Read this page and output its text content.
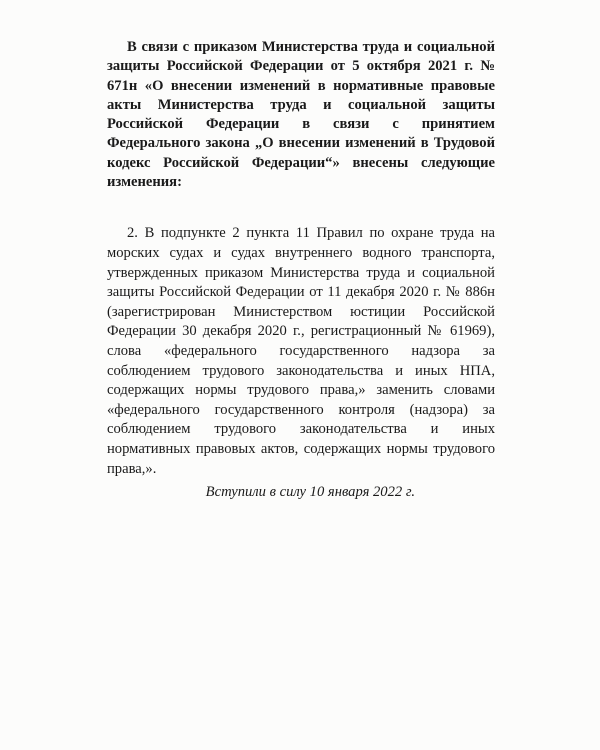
В связи с приказом Министерства труда и социальной защиты Российской Федерации от 5 октября 2021 г. № 671н «О внесении изменений в нормативные правовые акты Министерства труда и социальной защиты Российской Федерации в связи с принятием Федерального закона „О внесении изменений в Трудовой кодекс Российской Федерации“» внесены следующие изменения:

2. В подпункте 2 пункта 11 Правил по охране труда на морских судах и судах внутреннего водного транспорта, утвержденных приказом Министерства труда и социальной защиты Российской Федерации от 11 декабря 2020 г. № 886н (зарегистрирован Министерством юстиции Российской Федерации 30 декабря 2020 г., регистрационный № 61969), слова «федерального государственного надзора за соблюдением трудового законодательства и иных НПА, содержащих нормы трудового права,» заменить словами «федерального государственного контроля (надзора) за соблюдением трудового законодательства и иных нормативных правовых актов, содержащих нормы трудового права,».

Вступили в силу 10 января 2022 г.
